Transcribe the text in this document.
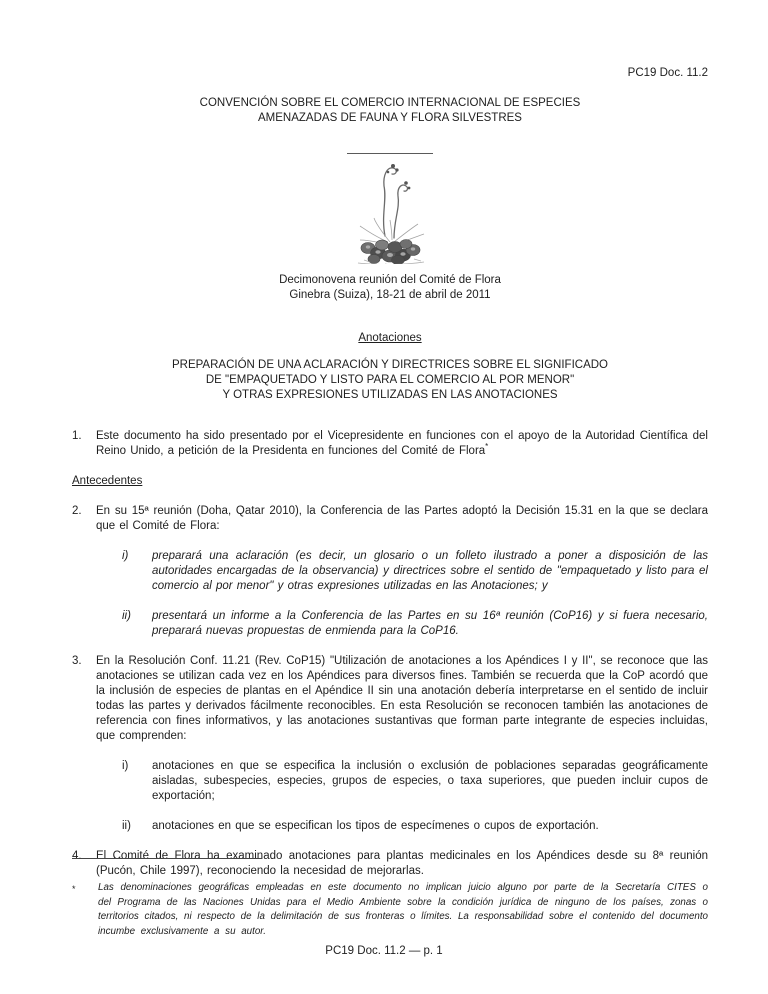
PC19 Doc. 11.2
CONVENCIÓN SOBRE EL COMERCIO INTERNACIONAL DE ESPECIES
AMENAZADAS DE FAUNA Y FLORA SILVESTRES
Decimonovena reunión del Comité de Flora
Ginebra (Suiza), 18-21 de abril de 2011
Anotaciones
PREPARACIÓN DE UNA ACLARACIÓN Y DIRECTRICES SOBRE EL SIGNIFICADO
DE "EMPAQUETADO Y LISTO PARA EL COMERCIO AL POR MENOR"
Y OTRAS EXPRESIONES UTILIZADAS EN LAS ANOTACIONES
1.	Este documento ha sido presentado por el Vicepresidente en funciones con el apoyo de la Autoridad Científica del Reino Unido, a petición de la Presidenta en funciones del Comité de Flora*
Antecedentes
2.	En su 15ª reunión (Doha, Qatar 2010), la Conferencia de las Partes adoptó la Decisión 15.31 en la que se declara que el Comité de Flora:
i)	preparará una aclaración (es decir, un glosario o un folleto ilustrado a poner a disposición de las autoridades encargadas de la observancia) y directrices sobre el sentido de "empaquetado y listo para el comercio al por menor" y otras expresiones utilizadas en las Anotaciones; y
ii)	presentará un informe a la Conferencia de las Partes en su 16ª reunión (CoP16) y si fuera necesario, preparará nuevas propuestas de enmienda para la CoP16.
3.	En la Resolución Conf. 11.21 (Rev. CoP15) "Utilización de anotaciones a los Apéndices I y II", se reconoce que las anotaciones se utilizan cada vez en los Apéndices para diversos fines. También se recuerda que la CoP acordó que la inclusión de especies de plantas en el Apéndice II sin una anotación debería interpretarse en el sentido de incluir todas las partes y derivados fácilmente reconocibles. En esta Resolución se reconocen también las anotaciones de referencia con fines informativos, y las anotaciones sustantivas que forman parte integrante de especies incluidas, que comprenden:
i)	anotaciones en que se especifica la inclusión o exclusión de poblaciones separadas geográficamente aisladas, subespecies, especies, grupos de especies, o taxa superiores, que pueden incluir cupos de exportación;
ii)	anotaciones en que se especifican los tipos de especímenes o cupos de exportación.
4.	El Comité de Flora ha examinado anotaciones para plantas medicinales en los Apéndices desde su 8ª reunión (Pucón, Chile 1997), reconociendo la necesidad de mejorarlas.
*	Las denominaciones geográficas empleadas en este documento no implican juicio alguno por parte de la Secretaría CITES o del Programa de las Naciones Unidas para el Medio Ambiente sobre la condición jurídica de ninguno de los países, zonas o territorios citados, ni respecto de la delimitación de sus fronteras o límites. La responsabilidad sobre el contenido del documento incumbe exclusivamente a su autor.
PC19 Doc. 11.2 — p. 1
